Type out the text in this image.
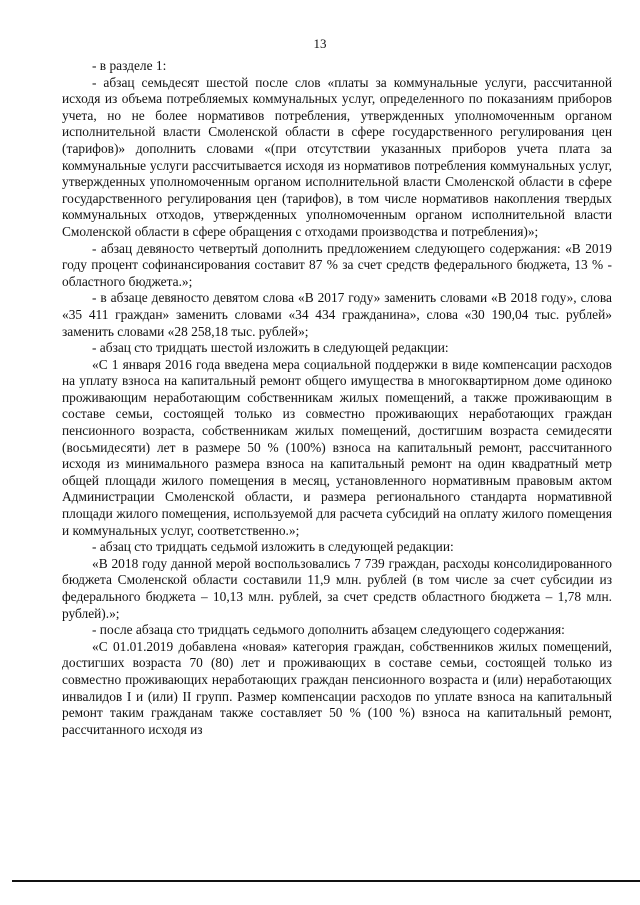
13

- в разделе 1:

- абзац семьдесят шестой после слов «платы за коммунальные услуги, рассчитанной исходя из объема потребляемых коммунальных услуг, определенного по показаниям приборов учета, но не более нормативов потребления, утвержденных уполномоченным органом исполнительной власти Смоленской области в сфере государственного регулирования цен (тарифов)» дополнить словами «(при отсутствии указанных приборов учета плата за коммунальные услуги рассчитывается исходя из нормативов потребления коммунальных услуг, утвержденных уполномоченным органом исполнительной власти Смоленской области в сфере государственного регулирования цен (тарифов), в том числе нормативов накопления твердых коммунальных отходов, утвержденных уполномоченным органом исполнительной власти Смоленской области в сфере обращения с отходами производства и потребления)»;

- абзац девяносто четвертый дополнить предложением следующего содержания: «В 2019 году процент софинансирования составит 87 % за счет средств федерального бюджета, 13 % - областного бюджета.»;

- в абзаце девяносто девятом слова «В 2017 году» заменить словами «В 2018 году», слова «35 411 граждан» заменить словами «34 434 гражданина», слова «30 190,04 тыс. рублей» заменить словами «28 258,18 тыс. рублей»;

- абзац сто тридцать шестой изложить в следующей редакции:

«С 1 января 2016 года введена мера социальной поддержки в виде компенсации расходов на уплату взноса на капитальный ремонт общего имущества в многоквартирном доме одиноко проживающим неработающим собственникам жилых помещений, а также проживающим в составе семьи, состоящей только из совместно проживающих неработающих граждан пенсионного возраста, собственникам жилых помещений, достигшим возраста семидесяти (восьмидесяти) лет в размере 50 % (100%) взноса на капитальный ремонт, рассчитанного исходя из минимального размера взноса на капитальный ремонт на один квадратный метр общей площади жилого помещения в месяц, установленного нормативным правовым актом Администрации Смоленской области, и размера регионального стандарта нормативной площади жилого помещения, используемой для расчета субсидий на оплату жилого помещения и коммунальных услуг, соответственно.»;

- абзац сто тридцать седьмой изложить в следующей редакции:

«В 2018 году данной мерой воспользовались 7 739 граждан, расходы консолидированного бюджета Смоленской области составили 11,9 млн. рублей (в том числе за счет субсидии из федерального бюджета – 10,13 млн. рублей, за счет средств областного бюджета – 1,78 млн. рублей).»;

- после абзаца сто тридцать седьмого дополнить абзацем следующего содержания:

«С 01.01.2019 добавлена «новая» категория граждан, собственников жилых помещений, достигших возраста 70 (80) лет и проживающих в составе семьи, состоящей только из совместно проживающих неработающих граждан пенсионного возраста и (или) неработающих инвалидов I и (или) II групп. Размер компенсации расходов по уплате взноса на капитальный ремонт таким гражданам также составляет 50 % (100 %) взноса на капитальный ремонт, рассчитанного исходя из
